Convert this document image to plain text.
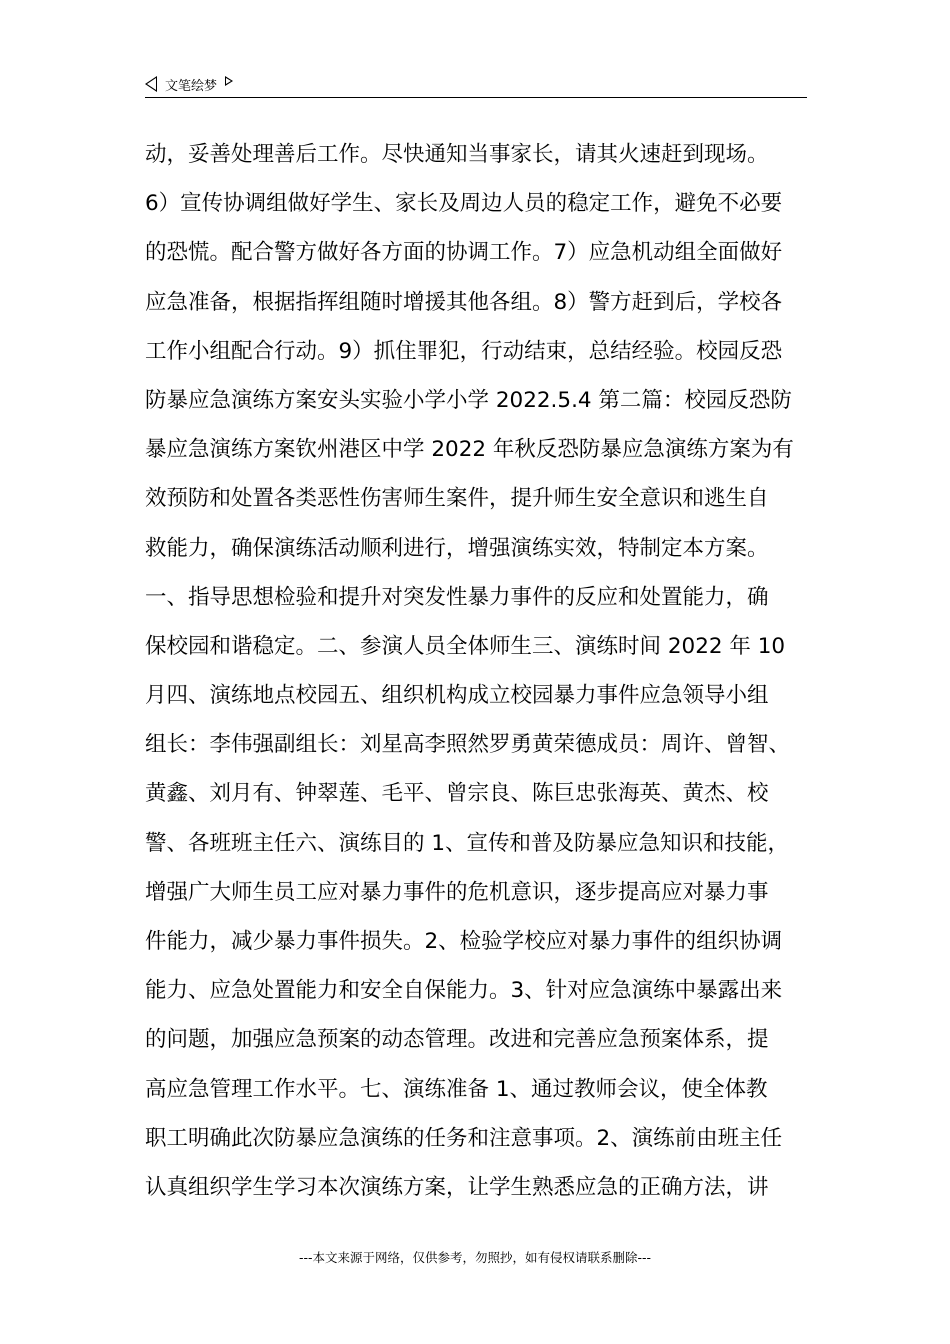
文笔绘梦
动，妥善处理善后工作。尽快通知当事家长，请其火速赶到现场。
6）宣传协调组做好学生、家长及周边人员的稳定工作，避免不必要
的恐慌。配合警方做好各方面的协调工作。7）应急机动组全面做好
应急准备，根据指挥组随时增援其他各组。8）警方赶到后，学校各
工作小组配合行动。9）抓住罪犯，行动结束，总结经验。校园反恐
防暴应急演练方案安头实验小学小学 2022.5.4 第二篇：校园反恐防
暴应急演练方案钦州港区中学 2022 年秋反恐防暴应急演练方案为有
效预防和处置各类恶性伤害师生案件，提升师生安全意识和逃生自
救能力，确保演练活动顺利进行，增强演练实效，特制定本方案。
一、指导思想检验和提升对突发性暴力事件的反应和处置能力，确
保校园和谐稳定。二、参演人员全体师生三、演练时间 2022 年 10
月四、演练地点校园五、组织机构成立校园暴力事件应急领导小组
组长：李伟强副组长：刘星高李照然罗勇黄荣德成员：周许、曾智、
黄鑫、刘月有、钟翠莲、毛平、曾宗良、陈巨忠张海英、黄杰、校
警、各班班主任六、演练目的 1、宣传和普及防暴应急知识和技能，
增强广大师生员工应对暴力事件的危机意识，逐步提高应对暴力事
件能力，减少暴力事件损失。2、检验学校应对暴力事件的组织协调
能力、应急处置能力和安全自保能力。3、针对应急演练中暴露出来
的问题，加强应急预案的动态管理。改进和完善应急预案体系，提
高应急管理工作水平。七、演练准备 1、通过教师会议，使全体教
职工明确此次防暴应急演练的任务和注意事项。2、演练前由班主任
认真组织学生学习本次演练方案，让学生熟悉应急的正确方法，讲
---本文来源于网络，仅供参考，勿照抄，如有侵权请联系删除---
